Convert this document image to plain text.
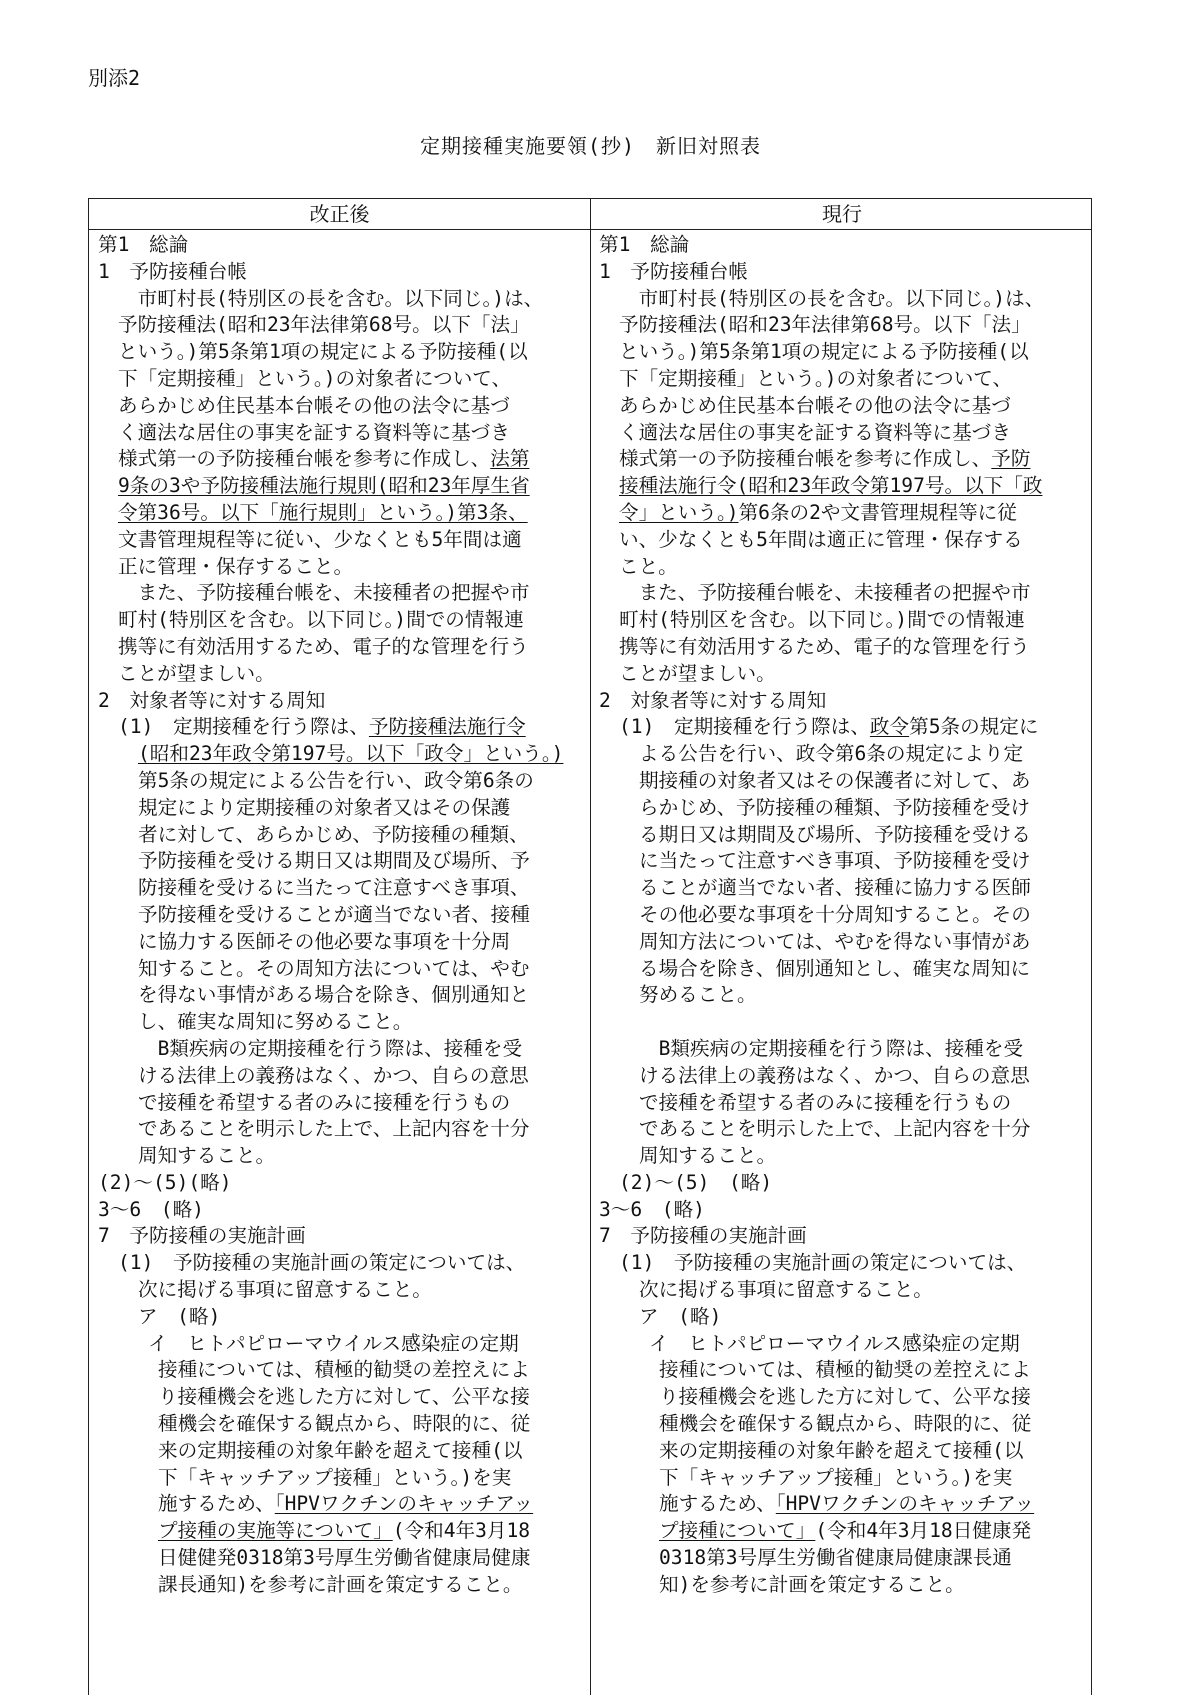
別添2
定期接種実施要領(抄)　新旧対照表
改正後	現行
第1　総論
1　予防接種台帳
　市町村長(特別区の長を含む。以下同じ。)は、
予防接種法(昭和23年法律第68号。以下「法」
という。)第5条第1項の規定による予防接種(以
下「定期接種」という。)の対象者について、
あらかじめ住民基本台帳その他の法令に基づ
く適法な居住の事実を証する資料等に基づき
様式第一の予防接種台帳を参考に作成し、法第
9条の3や予防接種法施行規則(昭和23年厚生省
令第36号。以下「施行規則」という。)第3条、
文書管理規程等に従い、少なくとも5年間は適
正に管理・保存すること。
　また、予防接種台帳を、未接種者の把握や市
町村(特別区を含む。以下同じ。)間での情報連
携等に有効活用するため、電子的な管理を行う
ことが望ましい。
2　対象者等に対する周知
(1)　定期接種を行う際は、予防接種法施行令
(昭和23年政令第197号。以下「政令」という。)
第5条の規定による公告を行い、政令第6条の
規定により定期接種の対象者又はその保護
者に対して、あらかじめ、予防接種の種類、
予防接種を受ける期日又は期間及び場所、予
防接種を受けるに当たって注意すべき事項、
予防接種を受けることが適当でない者、接種
に協力する医師その他必要な事項を十分周
知すること。その周知方法については、やむ
を得ない事情がある場合を除き、個別通知と
し、確実な周知に努めること。
　B類疾病の定期接種を行う際は、接種を受
ける法律上の義務はなく、かつ、自らの意思
で接種を希望する者のみに接種を行うもの
であることを明示した上で、上記内容を十分
周知すること。
(2)～(5)(略)
3～6　(略)
7　予防接種の実施計画
(1)　予防接種の実施計画の策定については、
次に掲げる事項に留意すること。
ア　(略)
イ　ヒトパピローマウイルス感染症の定期
接種については、積極的勧奨の差控えによ
り接種機会を逃した方に対して、公平な接
種機会を確保する観点から、時限的に、従
来の定期接種の対象年齢を超えて接種(以
下「キャッチアップ接種」という。)を実
施するため、「HPVワクチンのキャッチアッ
プ接種の実施等について」(令和4年3月18
日健健発0318第3号厚生労働省健康局健康
課長通知)を参考に計画を策定すること。
第1　総論
1　予防接種台帳
　市町村長(特別区の長を含む。以下同じ。)は、
予防接種法(昭和23年法律第68号。以下「法」
という。)第5条第1項の規定による予防接種(以
下「定期接種」という。)の対象者について、
あらかじめ住民基本台帳その他の法令に基づ
く適法な居住の事実を証する資料等に基づき
様式第一の予防接種台帳を参考に作成し、予防
接種法施行令(昭和23年政令第197号。以下「政
令」という。)第6条の2や文書管理規程等に従
い、少なくとも5年間は適正に管理・保存する
こと。
　また、予防接種台帳を、未接種者の把握や市
町村(特別区を含む。以下同じ。)間での情報連
携等に有効活用するため、電子的な管理を行う
ことが望ましい。
2　対象者等に対する周知
(1)　定期接種を行う際は、政令第5条の規定に
よる公告を行い、政令第6条の規定により定
期接種の対象者又はその保護者に対して、あ
らかじめ、予防接種の種類、予防接種を受け
る期日又は期間及び場所、予防接種を受ける
に当たって注意すべき事項、予防接種を受け
ることが適当でない者、接種に協力する医師
その他必要な事項を十分周知すること。その
周知方法については、やむを得ない事情があ
る場合を除き、個別通知とし、確実な周知に
努めること。
　B類疾病の定期接種を行う際は、接種を受
ける法律上の義務はなく、かつ、自らの意思
で接種を希望する者のみに接種を行うもの
であることを明示した上で、上記内容を十分
周知すること。
(2)～(5)　(略)
3～6　(略)
7　予防接種の実施計画
(1)　予防接種の実施計画の策定については、
次に掲げる事項に留意すること。
ア　(略)
イ　ヒトパピローマウイルス感染症の定期
接種については、積極的勧奨の差控えによ
り接種機会を逃した方に対して、公平な接
種機会を確保する観点から、時限的に、従
来の定期接種の対象年齢を超えて接種(以
下「キャッチアップ接種」という。)を実
施するため、「HPVワクチンのキャッチアッ
プ接種について」(令和4年3月18日健康発
0318第3号厚生労働省健康局健康課長通
知)を参考に計画を策定すること。
